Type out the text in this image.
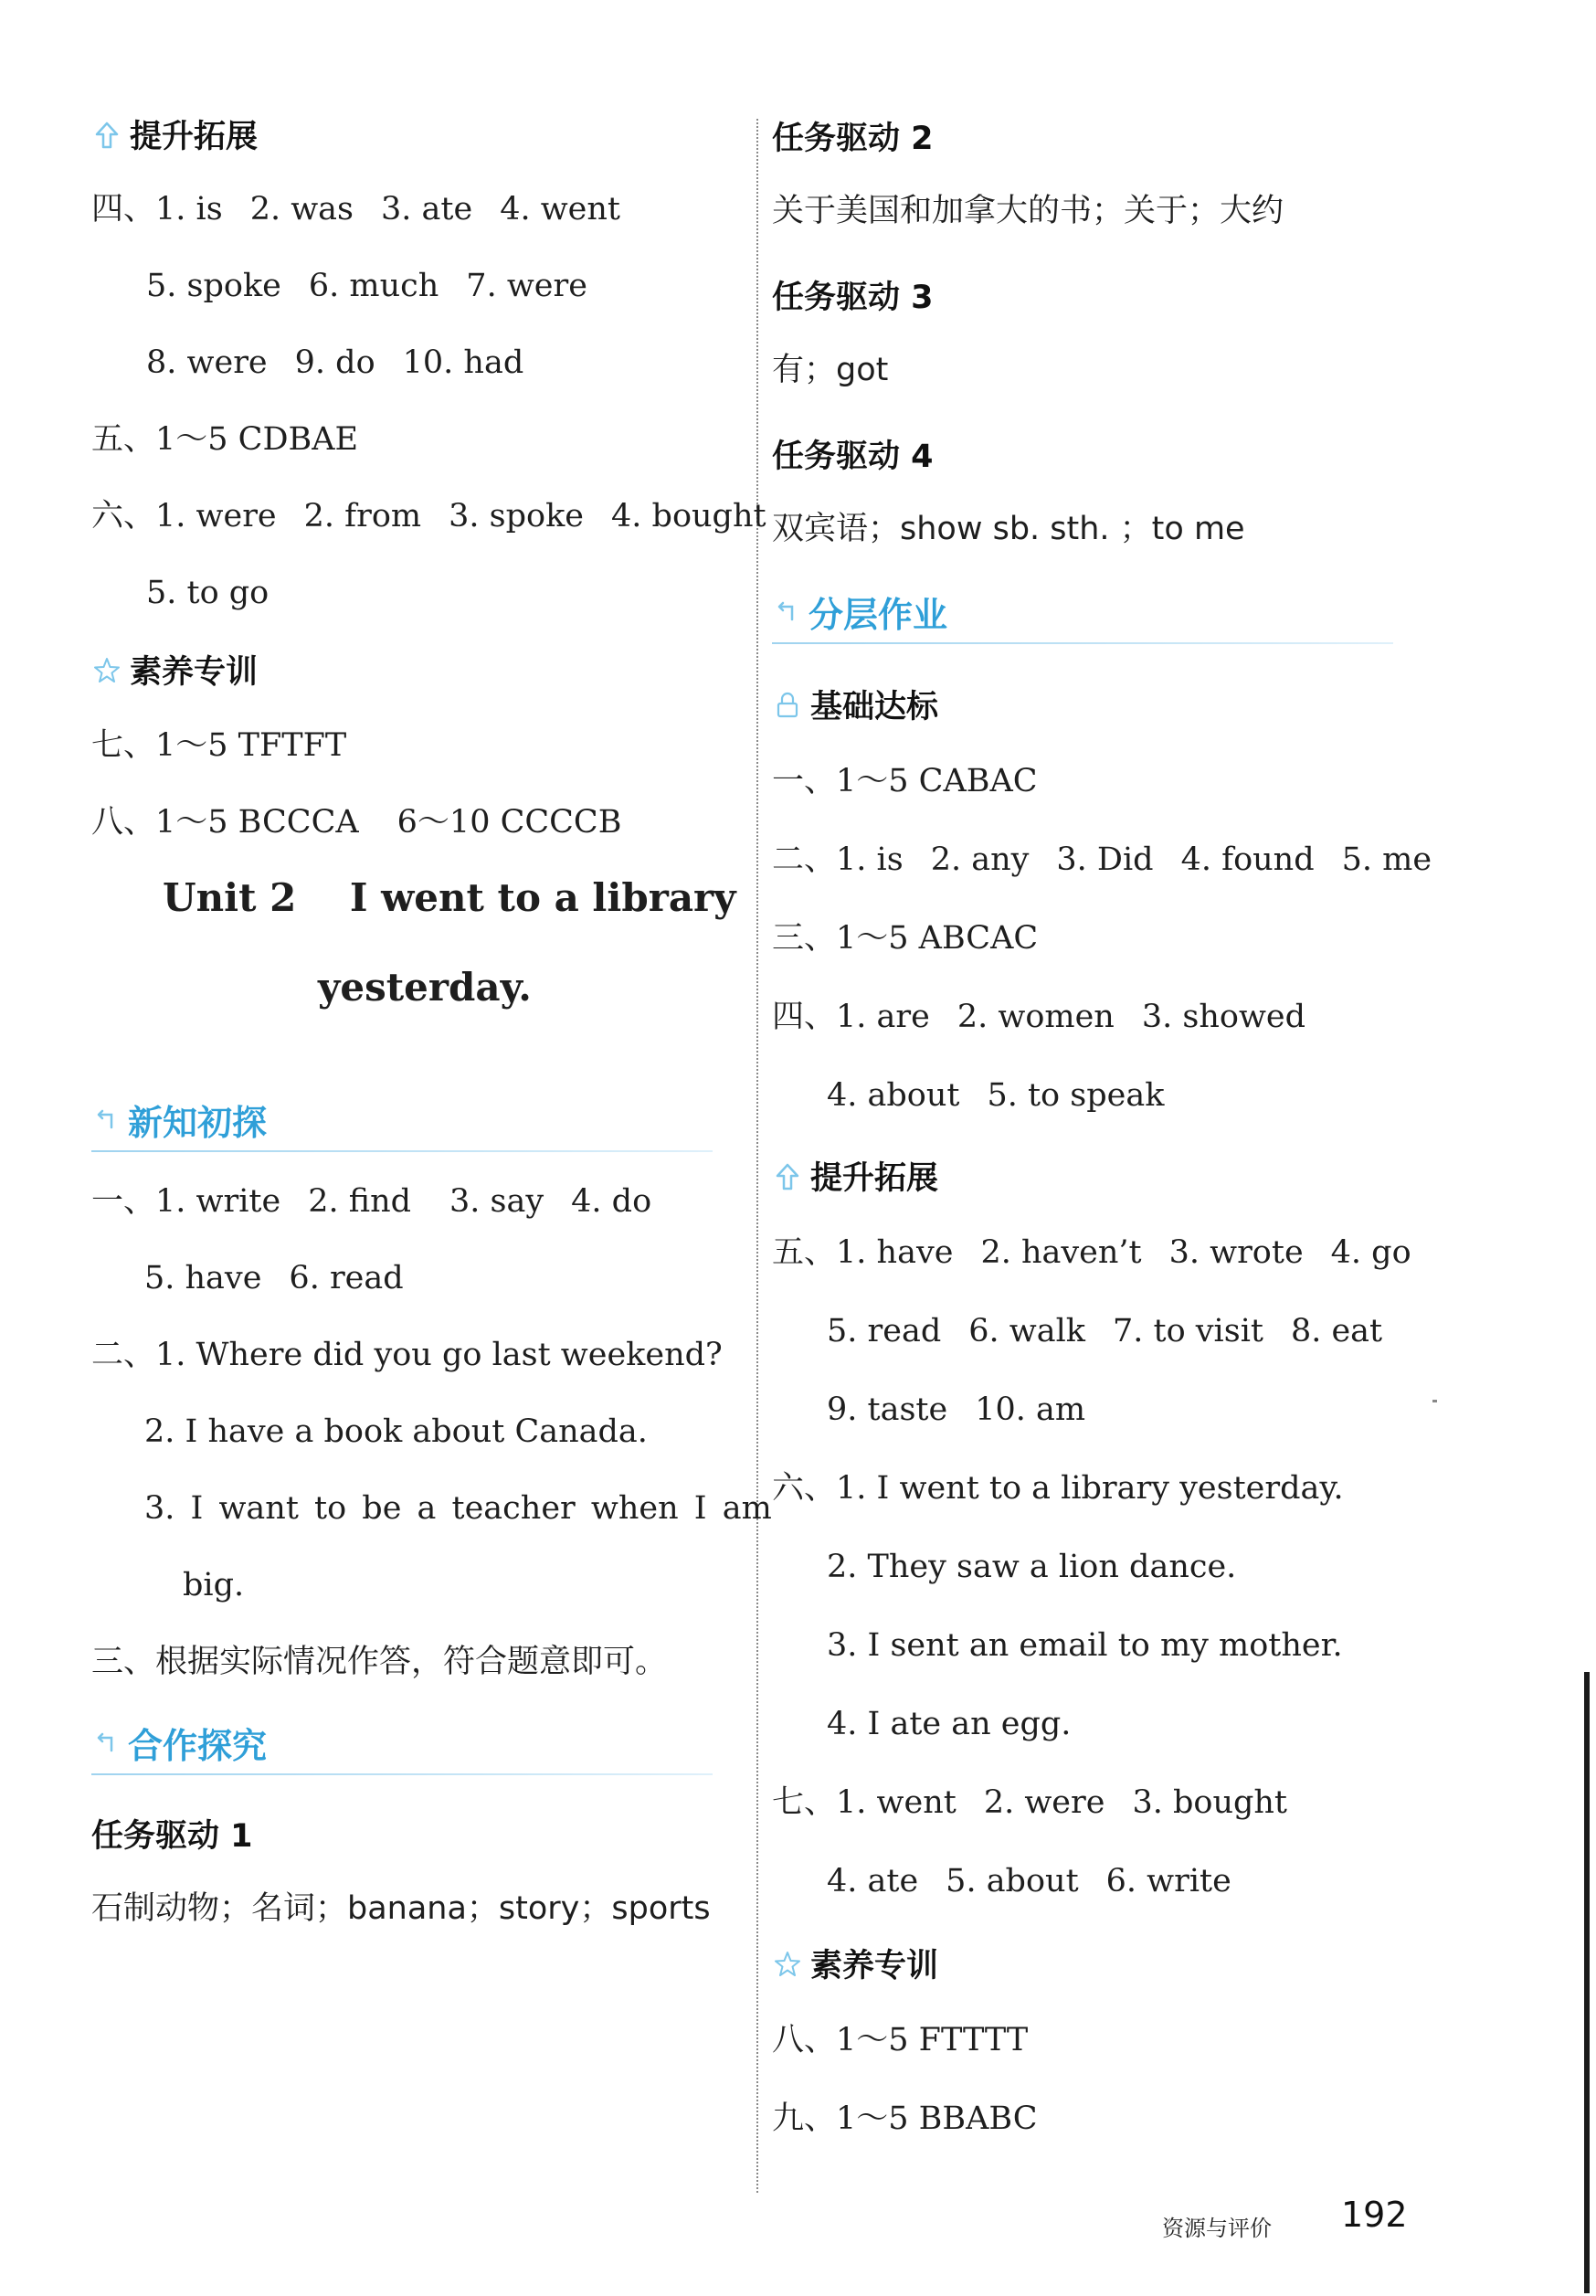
提升拓展
四、1. is 2. was 3. ate 4. went
5. spoke 6. much 7. were
8. were 9. do 10. had
五、1～5 CDBAE
六、1. were 2. from 3. spoke 4. bought
5. to go
素养专训
七、1～5 TFTFT
八、1～5 BCCCA 6～10 CCCCB
Unit 2    I went to a library
yesterday.
新知初探
一、1. write 2. find 3. say 4. do
5. have 6. read
二、1. Where did you go last weekend?
2. I have a book about Canada.
3. I want to be a teacher when I am
big.
三、根据实际情况作答，符合题意即可。
合作探究
任务驱动 1
石制动物；名词；banana；story；sports
任务驱动 2
关于美国和加拿大的书；关于；大约
任务驱动 3
有；got
任务驱动 4
双宾语；show sb. sth. ；to me
分层作业
基础达标
一、1～5 CABAC
二、1. is 2. any 3. Did 4. found 5. me
三、1～5 ABCAC
四、1. are 2. women 3. showed
4. about 5. to speak
提升拓展
五、1. have 2. haven’t 3. wrote 4. go
5. read 6. walk 7. to visit 8. eat
9. taste 10. am
六、1. I went to a library yesterday.
2. They saw a lion dance.
3. I sent an email to my mother.
4. I ate an egg.
七、1. went 2. were 3. bought
4. ate 5. about 6. write
素养专训
八、1～5 FTTTT
九、1～5 BBABC
资源与评价 192
